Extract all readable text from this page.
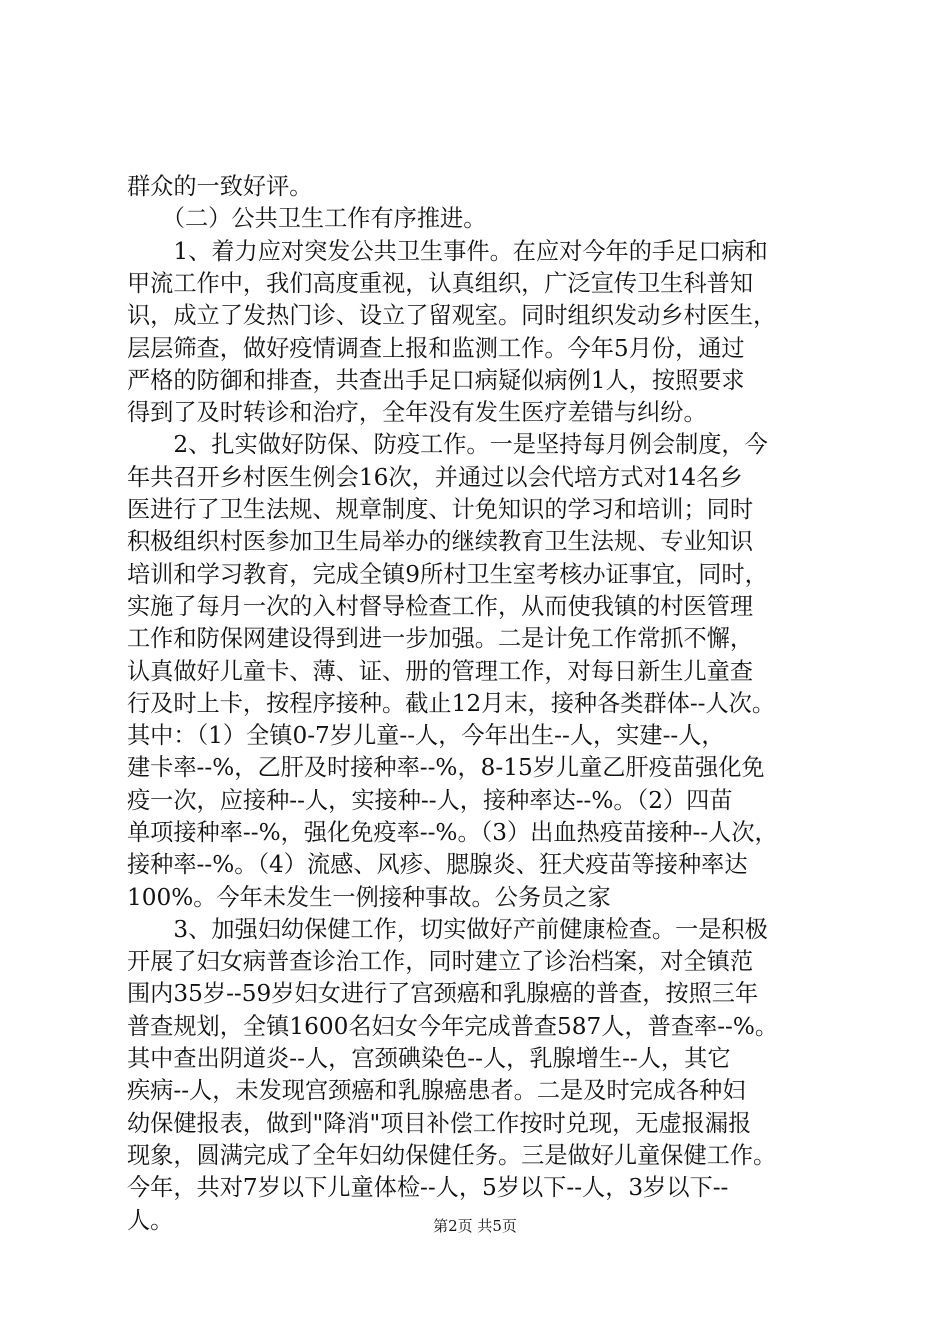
群众的一致好评。
　　（二）公共卫生工作有序推进。
　　1、着力应对突发公共卫生事件。在应对今年的手足口病和
甲流工作中，我们高度重视，认真组织，广泛宣传卫生科普知
识，成立了发热门诊、设立了留观室。同时组织发动乡村医生，
层层筛查，做好疫情调查上报和监测工作。今年5月份，通过
严格的防御和排查，共查出手足口病疑似病例1人，按照要求
得到了及时转诊和治疗，全年没有发生医疗差错与纠纷。
　　2、扎实做好防保、防疫工作。一是坚持每月例会制度，今
年共召开乡村医生例会16次，并通过以会代培方式对14名乡
医进行了卫生法规、规章制度、计免知识的学习和培训；同时
积极组织村医参加卫生局举办的继续教育卫生法规、专业知识
培训和学习教育，完成全镇9所村卫生室考核办证事宜，同时，
实施了每月一次的入村督导检查工作，从而使我镇的村医管理
工作和防保网建设得到进一步加强。二是计免工作常抓不懈，
认真做好儿童卡、薄、证、册的管理工作，对每日新生儿童查
行及时上卡，按程序接种。截止12月末，接种各类群体--人次。
其中：（1）全镇0-7岁儿童--人，今年出生--人，实建--人，
建卡率--%，乙肝及时接种率--%，8-15岁儿童乙肝疫苗强化免
疫一次，应接种--人，实接种--人，接种率达--%。（2）四苗
单项接种率--%，强化免疫率--%。（3）出血热疫苗接种--人次，
接种率--%。（4）流感、风疹、腮腺炎、狂犬疫苗等接种率达
100%。今年未发生一例接种事故。公务员之家
　　3、加强妇幼保健工作，切实做好产前健康检查。一是积极
开展了妇女病普查诊治工作，同时建立了诊治档案，对全镇范
围内35岁--59岁妇女进行了宫颈癌和乳腺癌的普查，按照三年
普查规划，全镇1600名妇女今年完成普查587人，普查率--%。
其中查出阴道炎--人，宫颈碘染色--人，乳腺增生--人，其它
疾病--人，未发现宫颈癌和乳腺癌患者。二是及时完成各种妇
幼保健报表，做到"降消"项目补偿工作按时兑现，无虚报漏报
现象，圆满完成了全年妇幼保健任务。三是做好儿童保健工作。
今年，共对7岁以下儿童体检--人，5岁以下--人，3岁以下--
人。	第2页 共5页
